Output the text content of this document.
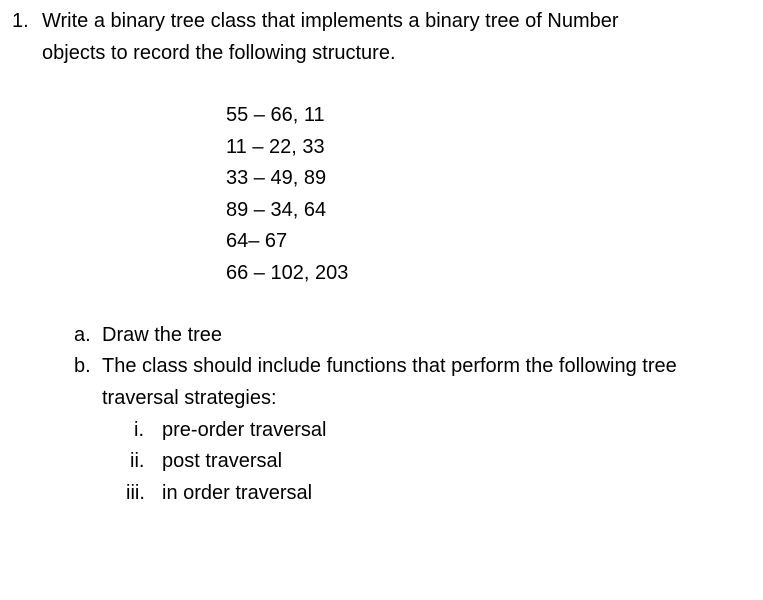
1. Write a binary tree class that implements a binary tree of Number
objects to record the following structure.
55 – 66, 11
11 – 22, 33
33 – 49, 89
89 – 34, 64
64– 67
66 – 102, 203
a. Draw the tree
b. The class should include functions that perform the following tree
traversal strategies:
i. pre-order traversal
ii. post traversal
iii. in order traversal
